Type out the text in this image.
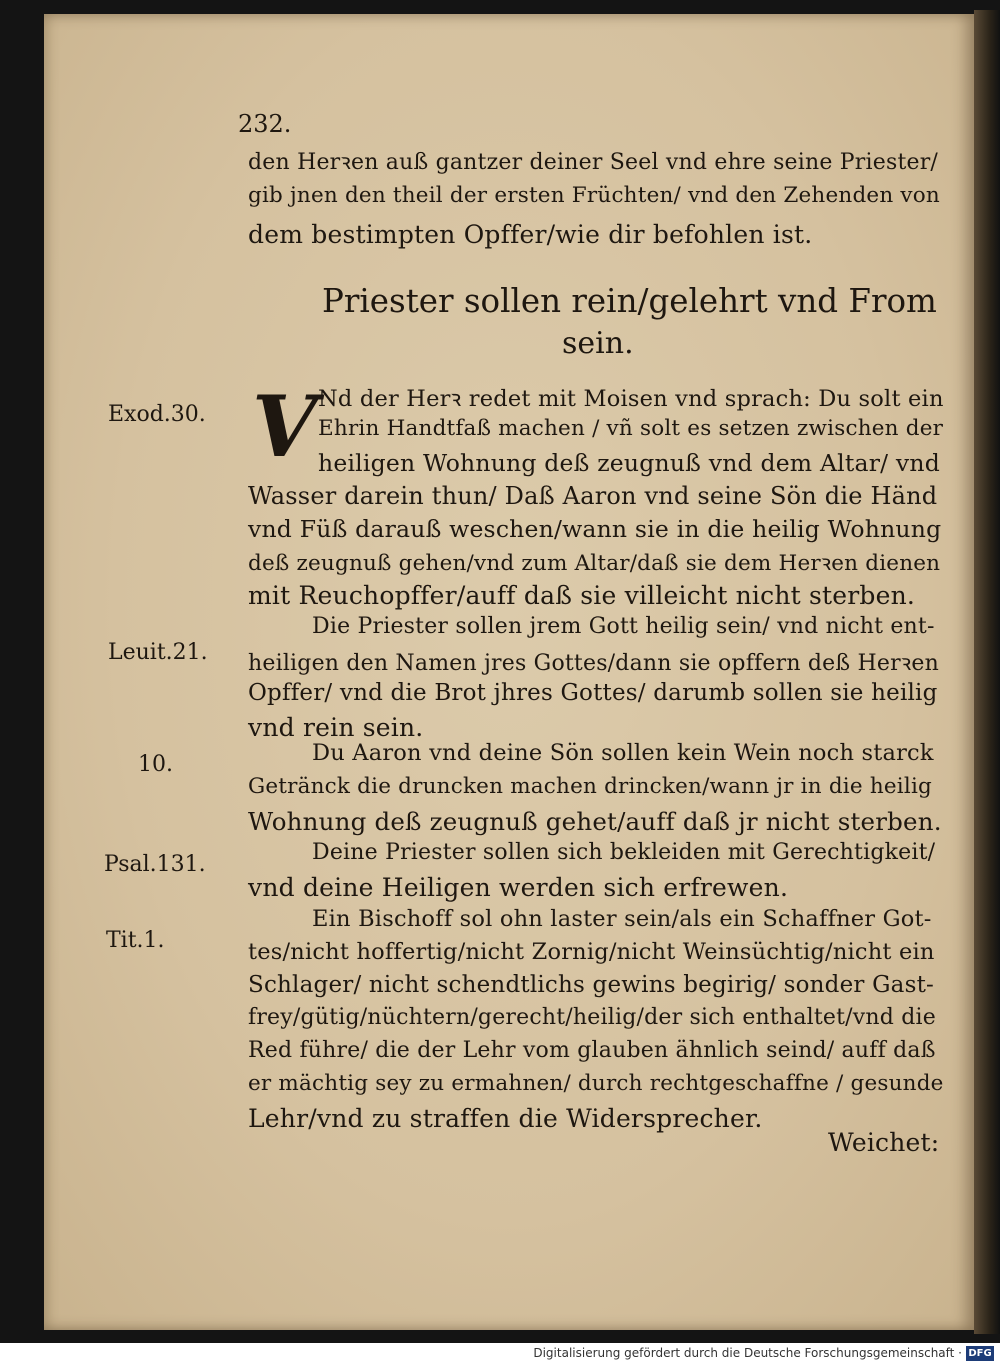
232.
den Herꝛen auß gantzer deiner Seel vnd ehre seine Priester/
gib jnen den theil der ersten Früchten/ vnd den Zehenden von
dem bestimpten Opffer/wie dir befohlen ist.
Priester sollen rein/gelehrt vnd From
sein.
V Nd der Herꝛ redet mit Moisen vnd sprach: Du solt ein
Ehrin Handtfaß machen / vñ solt es setzen zwischen der
heiligen Wohnung deß zeugnuß vnd dem Altar/ vnd
Wasser darein thun/ Daß Aaron vnd seine Sön die Händ
vnd Füß darauß weschen/wann sie in die heilig Wohnung
deß zeugnuß gehen/vnd zum Altar/daß sie dem Herꝛen dienen
mit Reuchopffer/auff daß sie villeicht nicht sterben.
Die Priester sollen jrem Gott heilig sein/ vnd nicht ent-
heiligen den Namen jres Gottes/dann sie opffern deß Herꝛen
Opffer/ vnd die Brot jhres Gottes/ darumb sollen sie heilig
vnd rein sein.
Du Aaron vnd deine Sön sollen kein Wein noch starck
Getränck die druncken machen drincken/wann jr in die heilig
Wohnung deß zeugnuß gehet/auff daß jr nicht sterben.
Deine Priester sollen sich bekleiden mit Gerechtigkeit/
vnd deine Heiligen werden sich erfrewen.
Ein Bischoff sol ohn laster sein/als ein Schaffner Got-
tes/nicht hoffertig/nicht Zornig/nicht Weinsüchtig/nicht ein
Schlager/ nicht schendtlichs gewins begirig/ sonder Gast-
frey/gütig/nüchtern/gerecht/heilig/der sich enthaltet/vnd die
Red führe/ die der Lehr vom glauben ähnlich seind/ auff daß
er mächtig sey zu ermahnen/ durch rechtgeschaffne / gesunde
Lehr/vnd zu straffen die Widersprecher.
Weichet:
Exod.30.
Leuit.21.
10.
Psal.131.
Tit.1.
Digitalisierung gefördert durch die Deutsche Forschungsgemeinschaft · DFG
